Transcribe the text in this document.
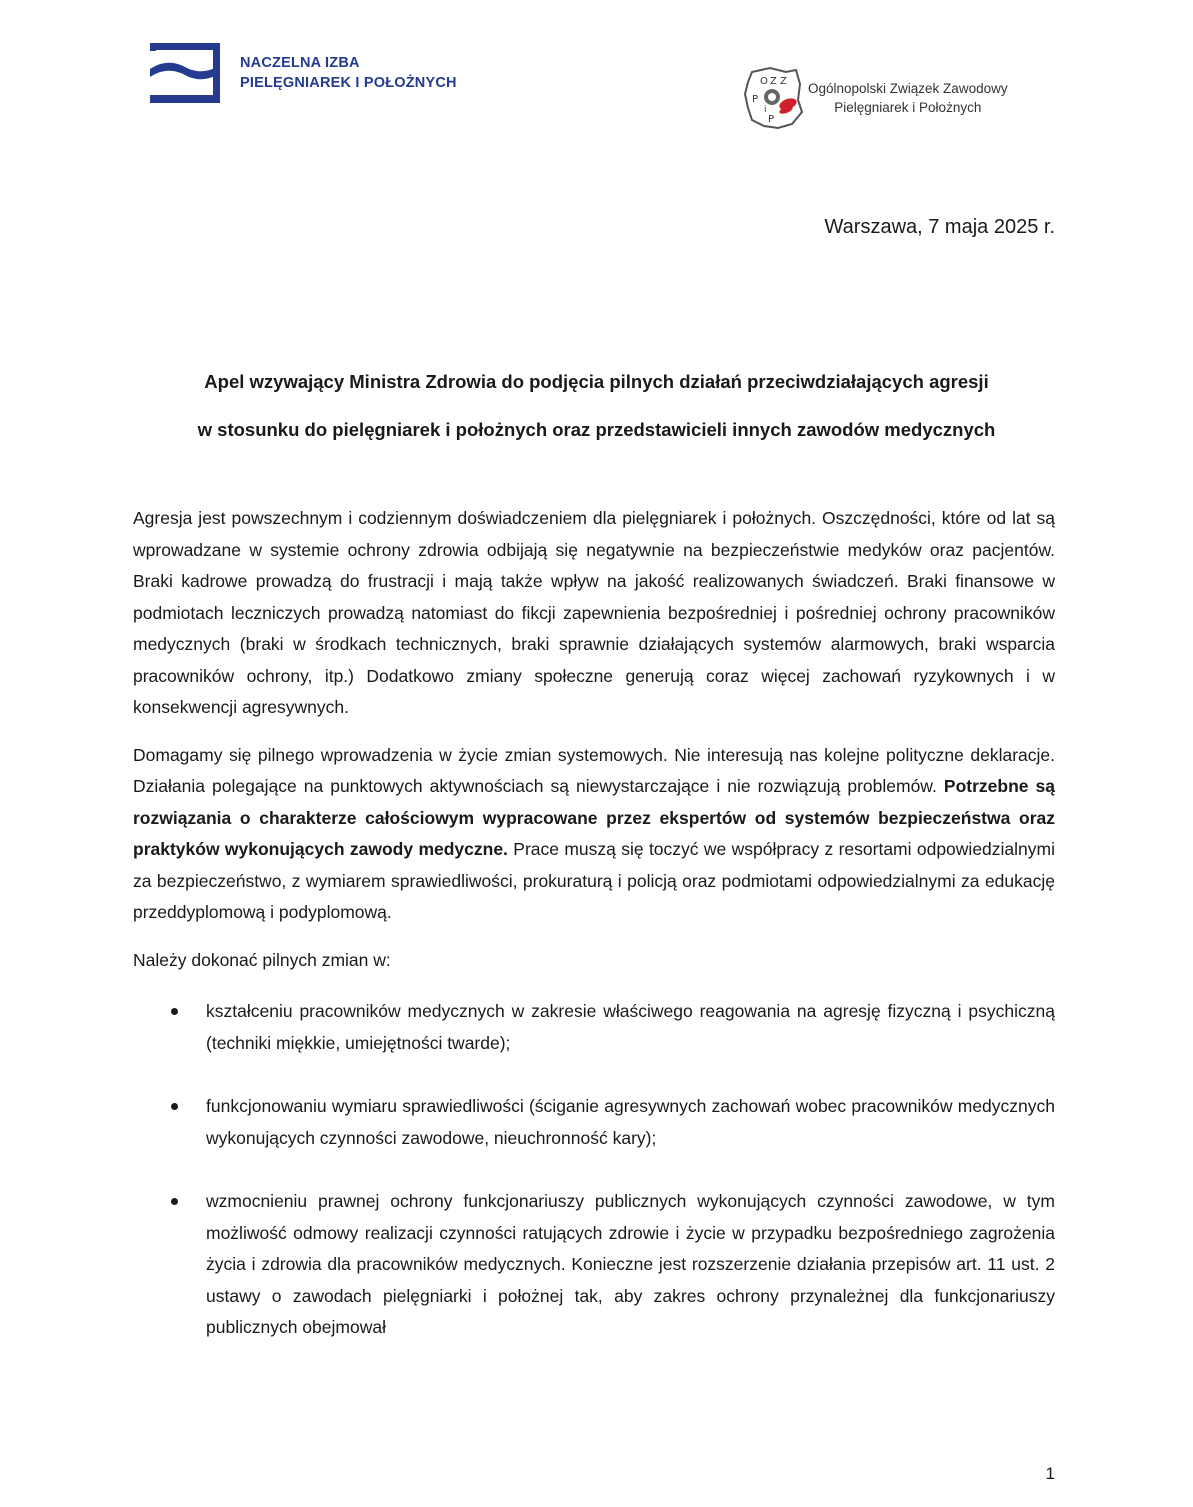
NACZELNA IZBA
PIELĘGNIAREK I POŁOŻNYCH	O Z Z
P
i
P
Ogólnopolski Związek Zawodowy
Pielęgniarek i Położnych
Warszawa, 7 maja 2025 r.
Apel wzywający Ministra Zdrowia do podjęcia pilnych działań przeciwdziałających agresji
w stosunku do pielęgniarek i położnych oraz przedstawicieli innych zawodów medycznych

Agresja jest powszechnym i codziennym doświadczeniem dla pielęgniarek i położnych. Oszczędności, które od lat są wprowadzane w systemie ochrony zdrowia odbijają się negatywnie na bezpieczeństwie medyków oraz pacjentów. Braki kadrowe prowadzą do frustracji i mają także wpływ na jakość realizowanych świadczeń. Braki finansowe w podmiotach leczniczych prowadzą natomiast do fikcji zapewnienia bezpośredniej i pośredniej ochrony pracowników medycznych (braki w środkach technicznych, braki sprawnie działających systemów alarmowych, braki wsparcia pracowników ochrony, itp.) Dodatkowo zmiany społeczne generują coraz więcej zachowań ryzykownych i w konsekwencji agresywnych.

Domagamy się pilnego wprowadzenia w życie zmian systemowych. Nie interesują nas kolejne polityczne deklaracje. Działania polegające na punktowych aktywnościach są niewystarczające i nie rozwiązują problemów. Potrzebne są rozwiązania o charakterze całościowym wypracowane przez ekspertów od systemów bezpieczeństwa oraz praktyków wykonujących zawody medyczne. Prace muszą się toczyć we współpracy z resortami odpowiedzialnymi za bezpieczeństwo, z wymiarem sprawiedliwości, prokuraturą i policją oraz podmiotami odpowiedzialnymi za edukację przeddyplomową i podyplomową.

Należy dokonać pilnych zmian w:

kształceniu pracowników medycznych w zakresie właściwego reagowania na agresję fizyczną i psychiczną (techniki miękkie, umiejętności twarde);
funkcjonowaniu wymiaru sprawiedliwości (ściganie agresywnych zachowań wobec pracowników medycznych wykonujących czynności zawodowe, nieuchronność kary);
wzmocnieniu prawnej ochrony funkcjonariuszy publicznych wykonujących czynności zawodowe, w tym możliwość odmowy realizacji czynności ratujących zdrowie i życie w przypadku bezpośredniego zagrożenia życia i zdrowia dla pracowników medycznych. Konieczne jest rozszerzenie działania przepisów art. 11 ust. 2 ustawy o zawodach pielęgniarki i położnej tak, aby zakres ochrony przynależnej dla funkcjonariuszy publicznych obejmował
1
